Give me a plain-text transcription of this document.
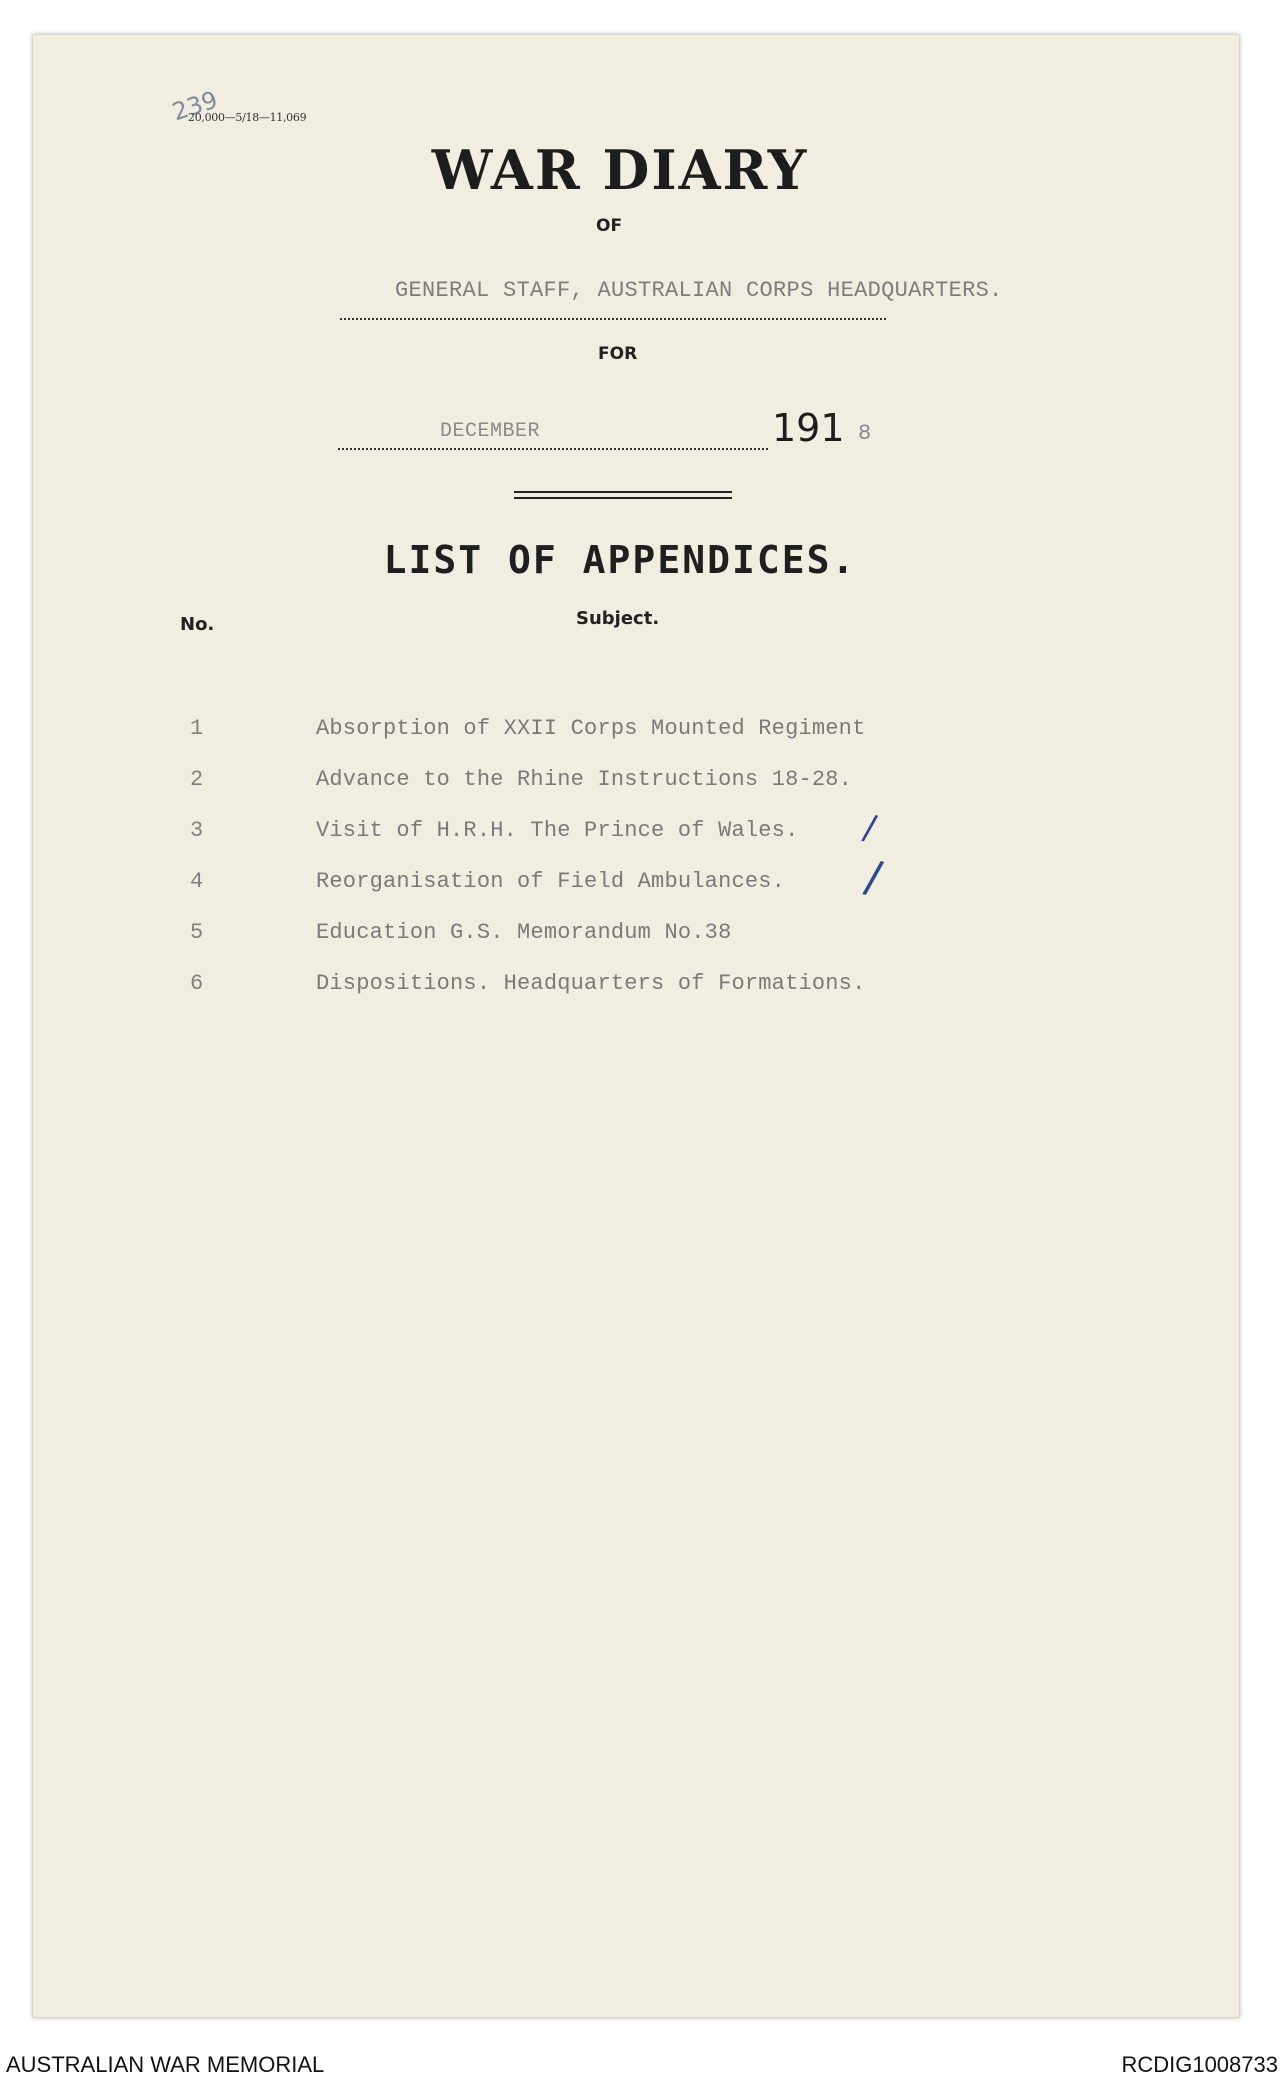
239
20,000—5/18—11,069
WAR DIARY
OF
GENERAL STAFF, AUSTRALIAN CORPS HEADQUARTERS.
FOR
DECEMBER	191 8
LIST OF APPENDICES.
No.	Subject.
1	Absorption of XXII Corps Mounted Regiment
2	Advance to the Rhine Instructions 18-28.
3	Visit of H.R.H. The Prince of Wales.
4	Reorganisation of Field Ambulances.
5	Education G.S. Memorandum No.38
6	Dispositions. Headquarters of Formations.
/
/
AUSTRALIAN WAR MEMORIAL	RCDIG1008733
